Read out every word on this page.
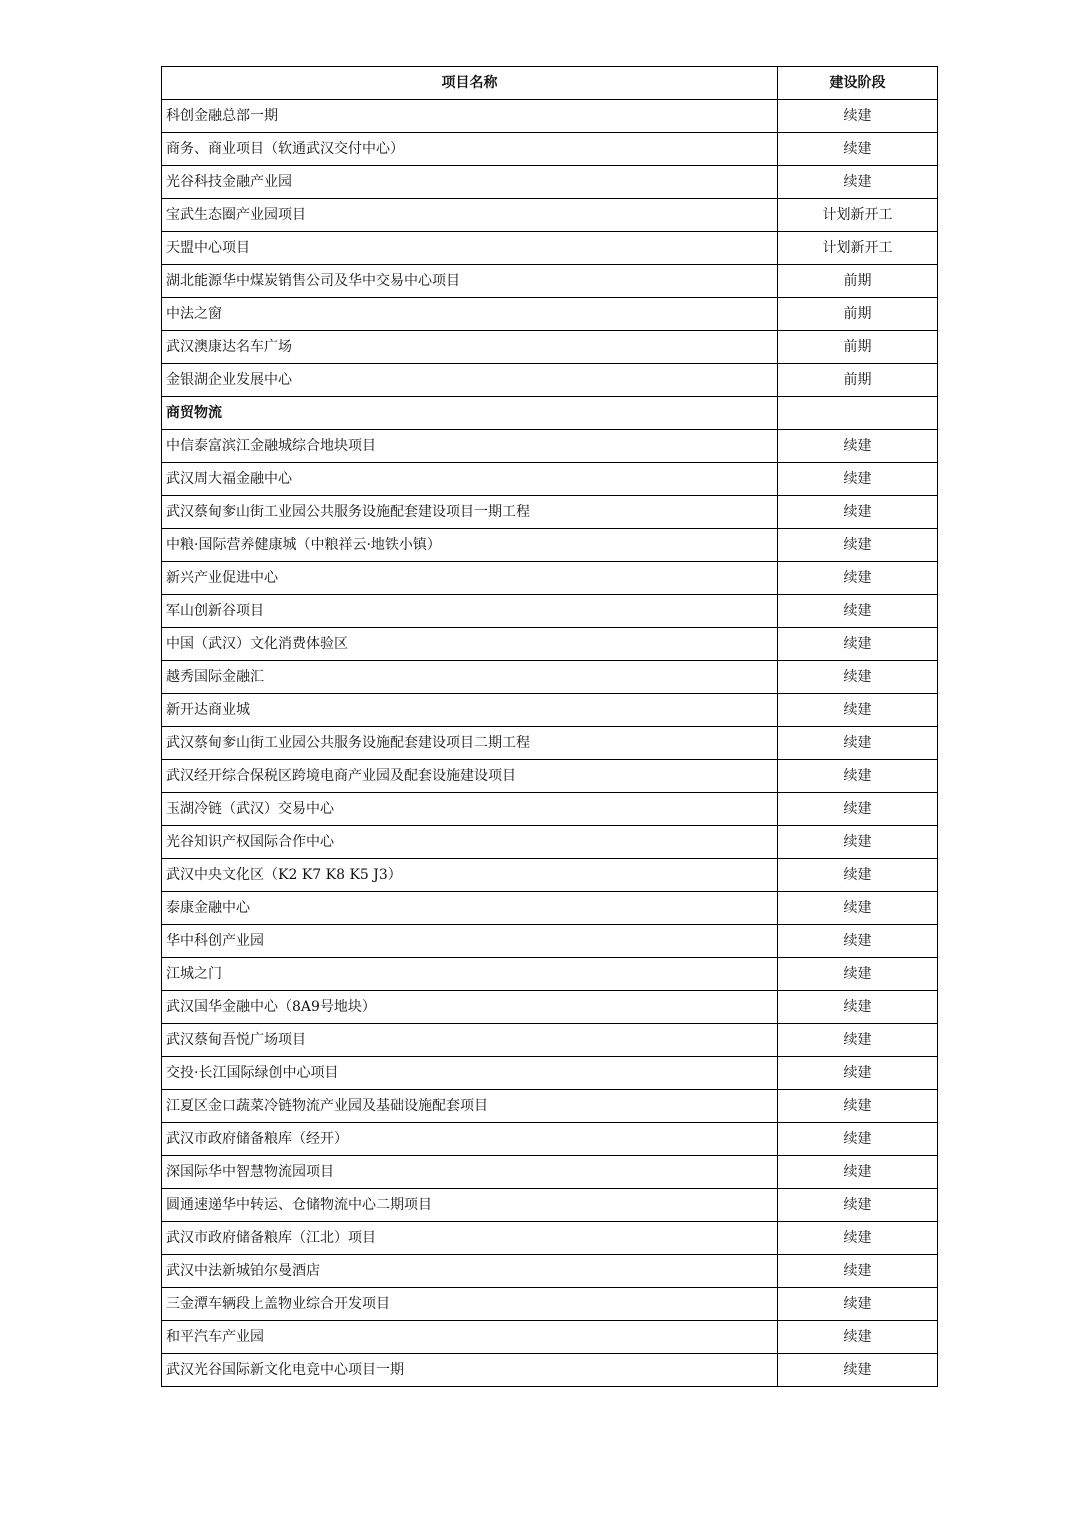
项目名称	建设阶段
科创金融总部一期	续建
商务、商业项目（软通武汉交付中心）	续建
光谷科技金融产业园	续建
宝武生态圈产业园项目	计划新开工
天盟中心项目	计划新开工
湖北能源华中煤炭销售公司及华中交易中心项目	前期
中法之窗	前期
武汉澳康达名车广场	前期
金银湖企业发展中心	前期
商贸物流	
中信泰富滨江金融城综合地块项目	续建
武汉周大福金融中心	续建
武汉蔡甸奓山街工业园公共服务设施配套建设项目一期工程	续建
中粮·国际营养健康城（中粮祥云·地铁小镇）	续建
新兴产业促进中心	续建
军山创新谷项目	续建
中国（武汉）文化消费体验区	续建
越秀国际金融汇	续建
新开达商业城	续建
武汉蔡甸奓山街工业园公共服务设施配套建设项目二期工程	续建
武汉经开综合保税区跨境电商产业园及配套设施建设项目	续建
玉湖冷链（武汉）交易中心	续建
光谷知识产权国际合作中心	续建
武汉中央文化区（K2 K7 K8 K5 J3）	续建
泰康金融中心	续建
华中科创产业园	续建
江城之门	续建
武汉国华金融中心（8A9号地块）	续建
武汉蔡甸吾悦广场项目	续建
交投·长江国际绿创中心项目	续建
江夏区金口蔬菜冷链物流产业园及基础设施配套项目	续建
武汉市政府储备粮库（经开）	续建
深国际华中智慧物流园项目	续建
圆通速递华中转运、仓储物流中心二期项目	续建
武汉市政府储备粮库（江北）项目	续建
武汉中法新城铂尔曼酒店	续建
三金潭车辆段上盖物业综合开发项目	续建
和平汽车产业园	续建
武汉光谷国际新文化电竞中心项目一期	续建
